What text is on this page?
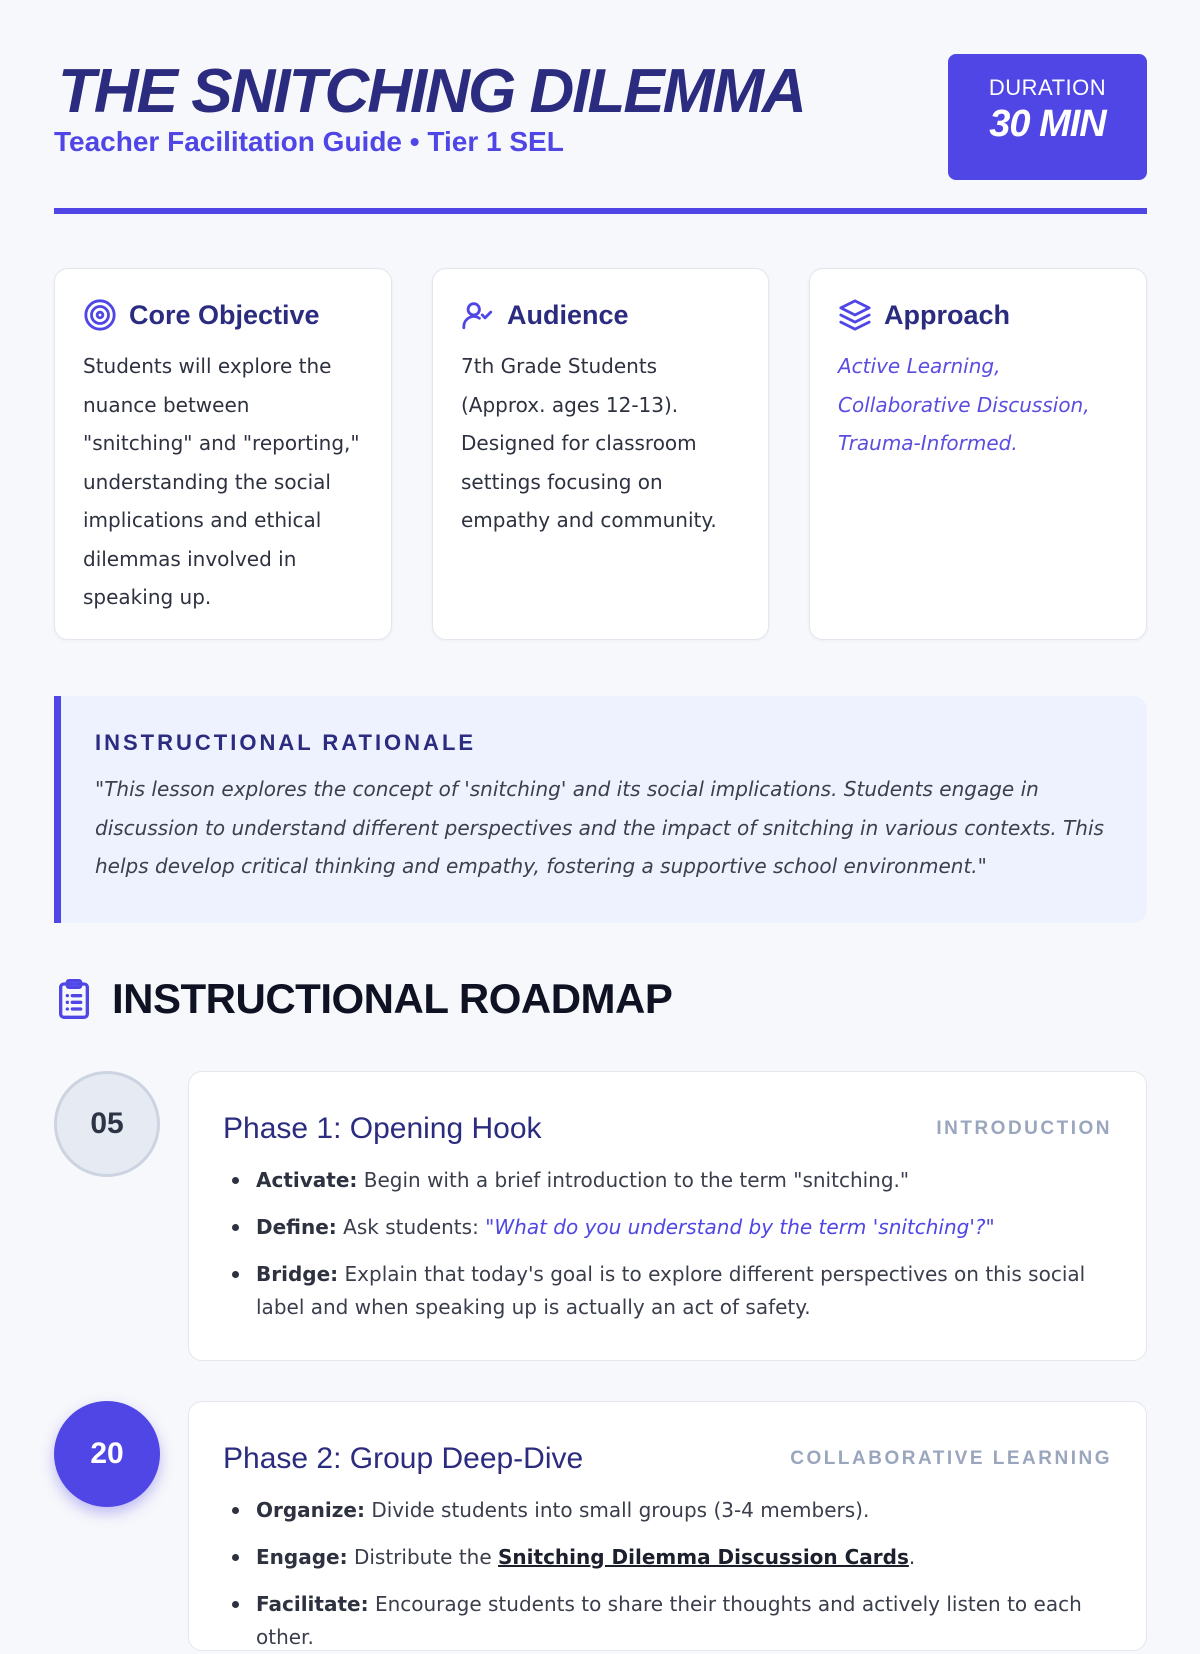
THE SNITCHING DILEMMA
Teacher Facilitation Guide • Tier 1 SEL
DURATION
30 MIN
Core Objective
Students will explore the nuance between "snitching" and "reporting," understanding the social implications and ethical dilemmas involved in speaking up.
Audience
7th Grade Students (Approx. ages 12-13). Designed for classroom settings focusing on empathy and community.
Approach
Active Learning, Collaborative Discussion, Trauma-Informed.
INSTRUCTIONAL RATIONALE
"This lesson explores the concept of 'snitching' and its social implications. Students engage in discussion to understand different perspectives and the impact of snitching in various contexts. This helps develop critical thinking and empathy, fostering a supportive school environment."
INSTRUCTIONAL ROADMAP
05	Phase 1: Opening Hook	INTRODUCTION
Activate: Begin with a brief introduction to the term "snitching."
Define: Ask students: "What do you understand by the term 'snitching'?"
Bridge: Explain that today's goal is to explore different perspectives on this social label and when speaking up is actually an act of safety.
20	Phase 2: Group Deep-Dive	COLLABORATIVE LEARNING
Organize: Divide students into small groups (3-4 members).
Engage: Distribute the Snitching Dilemma Discussion Cards.
Facilitate: Encourage students to share their thoughts and actively listen to each other.
